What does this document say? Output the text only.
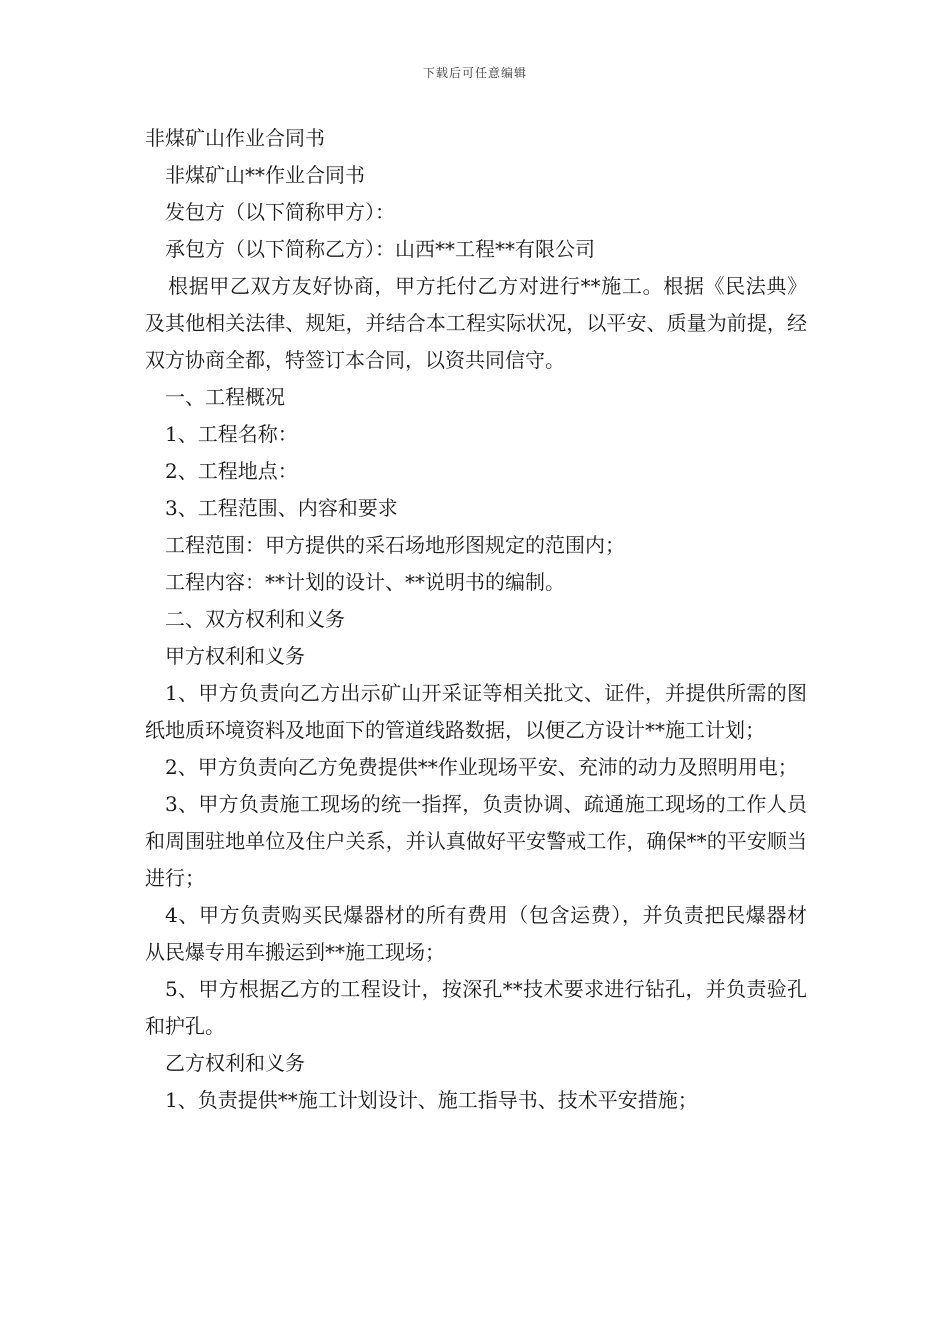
下载后可任意编辑

非煤矿山作业合同书

非煤矿山**作业合同书

发包方（以下简称甲方）：

承包方（以下简称乙方）：山西**工程**有限公司

根据甲乙双方友好协商，甲方托付乙方对进行**施工。根据《民法典》及其他相关法律、规矩，并结合本工程实际状况，以平安、质量为前提，经双方协商全都，特签订本合同，以资共同信守。

一、工程概况

1、工程名称：

2、工程地点：

3、工程范围、内容和要求

工程范围：甲方提供的采石场地形图规定的范围内；

工程内容：**计划的设计、**说明书的编制。

二、双方权利和义务

甲方权利和义务

1、甲方负责向乙方出示矿山开采证等相关批文、证件，并提供所需的图纸地质环境资料及地面下的管道线路数据，以便乙方设计**施工计划；

2、甲方负责向乙方免费提供**作业现场平安、充沛的动力及照明用电；

3、甲方负责施工现场的统一指挥，负责协调、疏通施工现场的工作人员和周围驻地单位及住户关系，并认真做好平安警戒工作，确保**的平安顺当进行；

4、甲方负责购买民爆器材的所有费用（包含运费），并负责把民爆器材从民爆专用车搬运到**施工现场；

5、甲方根据乙方的工程设计，按深孔**技术要求进行钻孔，并负责验孔和护孔。

乙方权利和义务

1、负责提供**施工计划设计、施工指导书、技术平安措施；
